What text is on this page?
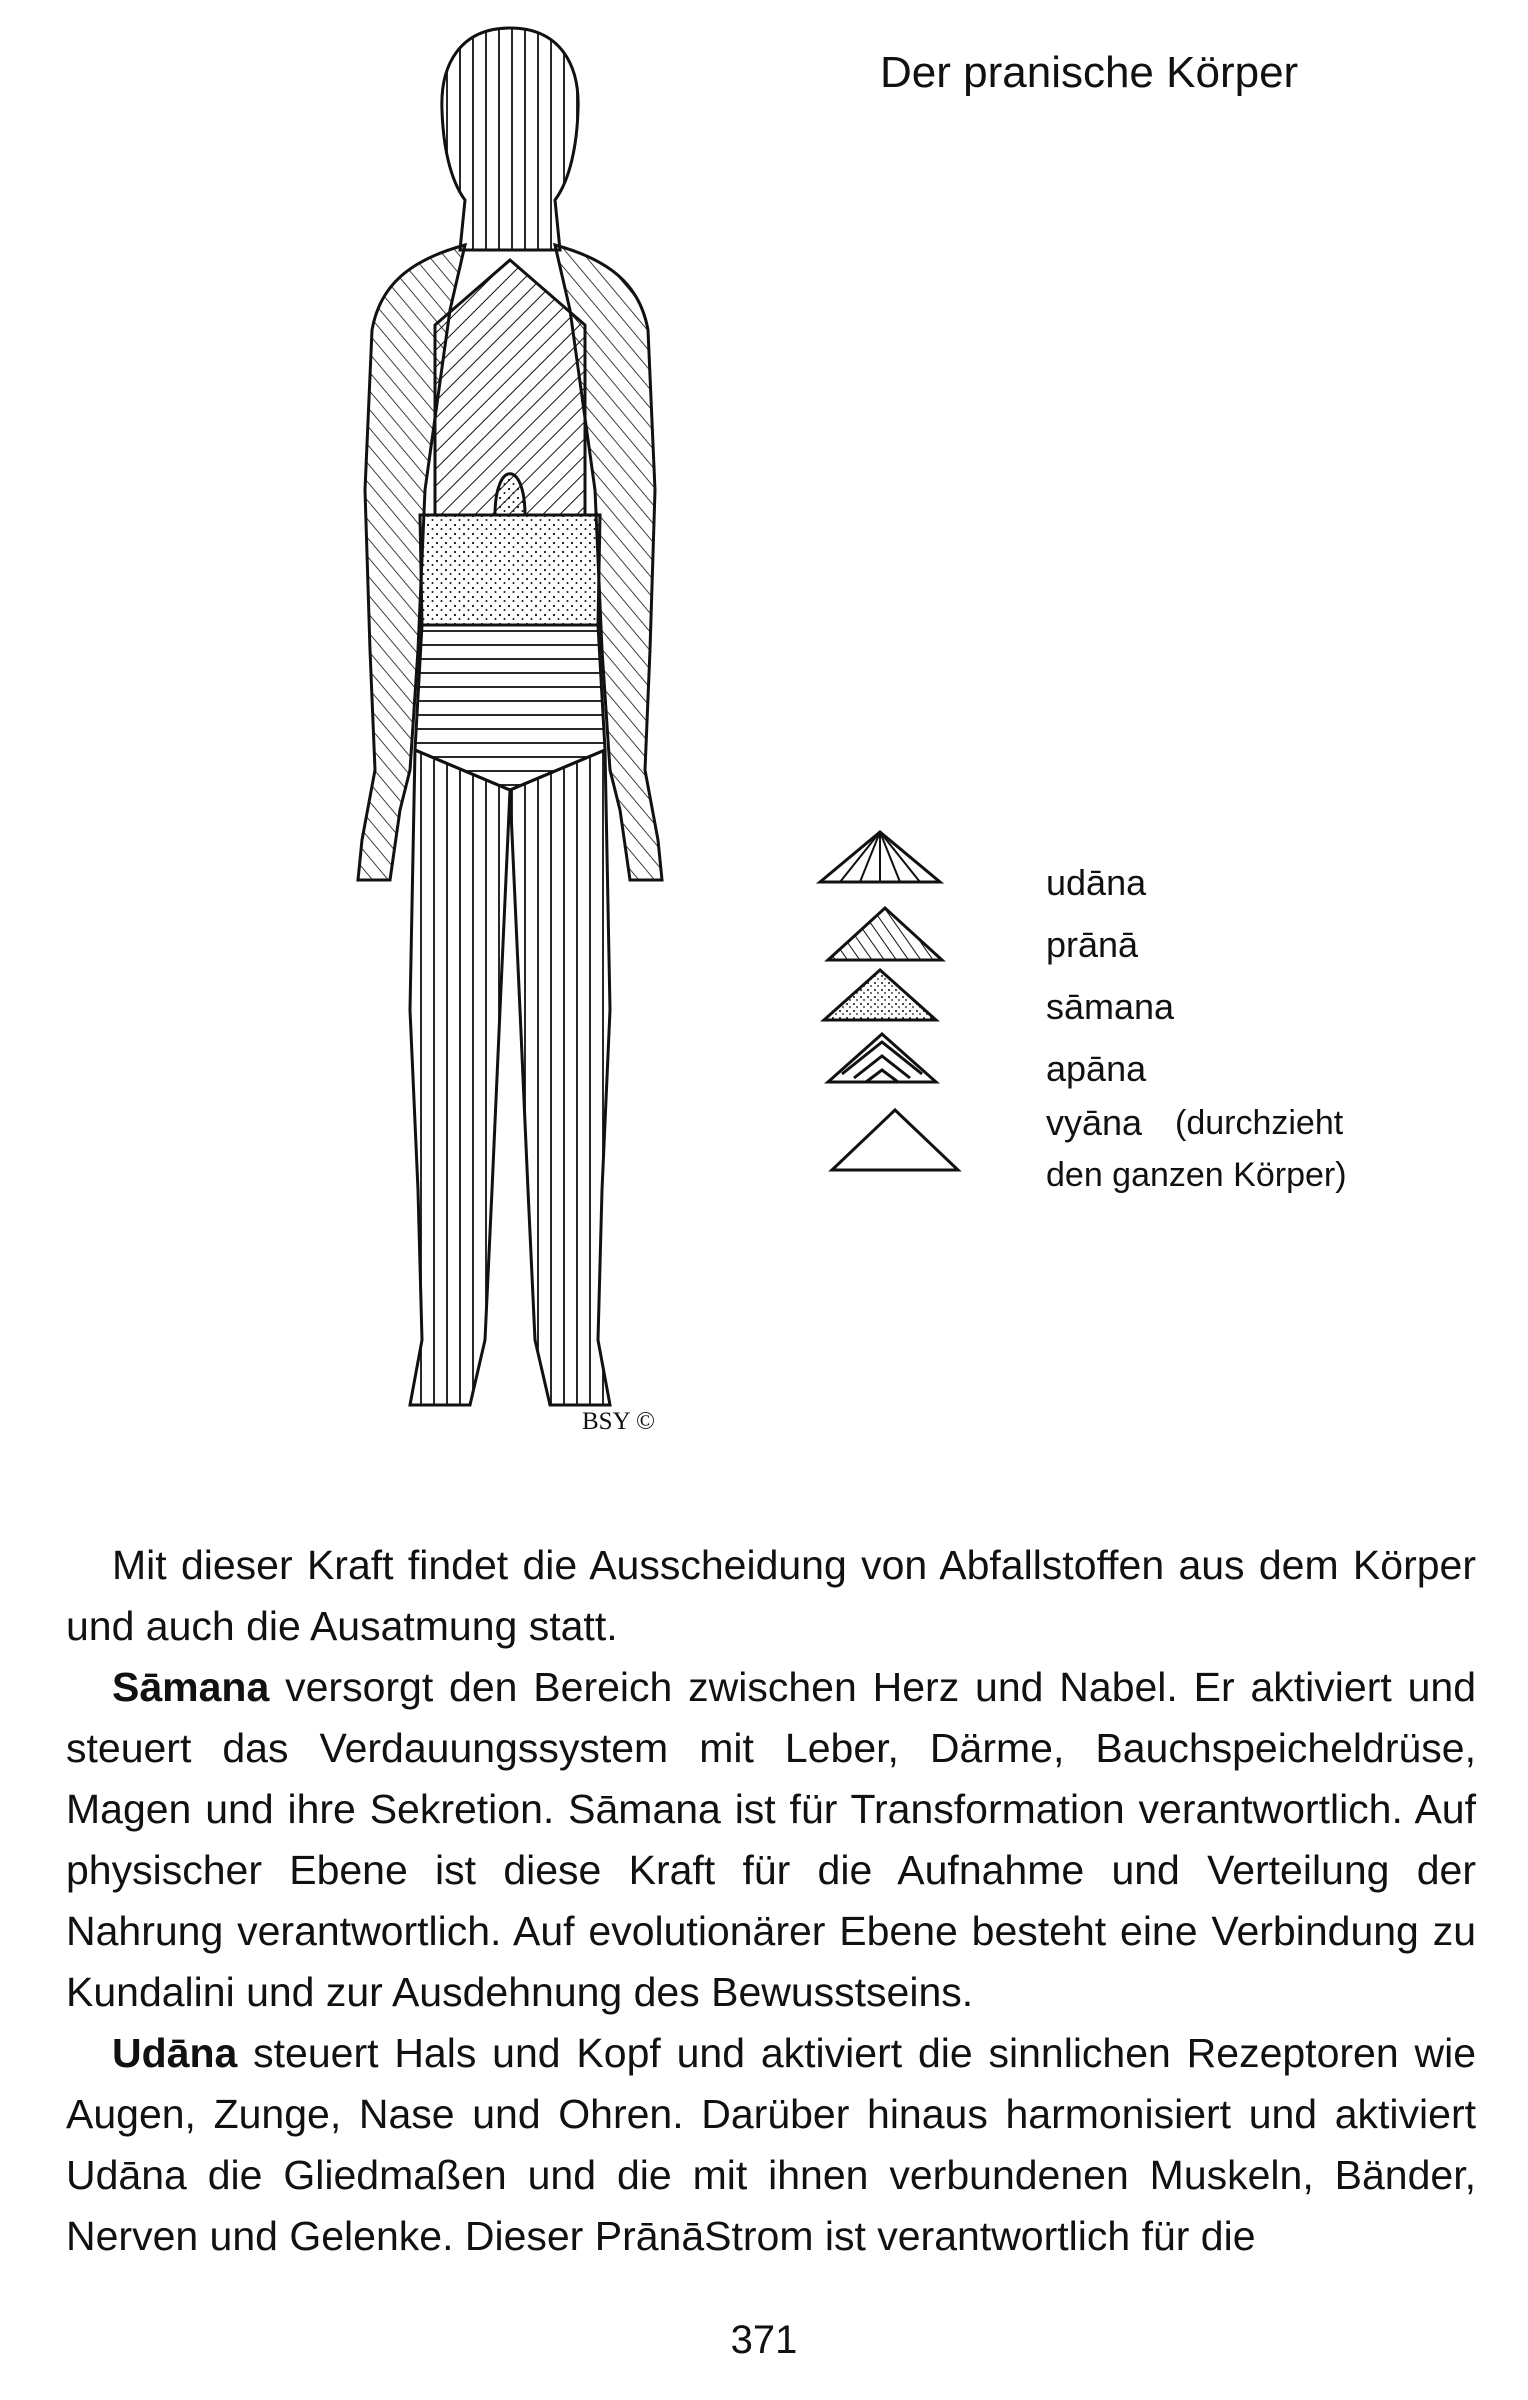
Der pranische Körper
BSY ©
udāna
prānā
sāmana
apāna
vyāna (durchzieht
den ganzen Körper)

Mit dieser Kraft findet die Ausscheidung von Abfallstoffen aus dem Körper und auch die Ausatmung statt.

Sāmana versorgt den Bereich zwischen Herz und Nabel. Er aktiviert und steuert das Verdauungssystem mit Leber, Därme, Bauchspeicheldrüse, Magen und ihre Sekretion. Sāmana ist für Transformation verantwortlich. Auf physischer Ebene ist diese Kraft für die Aufnahme und Verteilung der Nahrung verantwortlich. Auf evolutionärer Ebene besteht eine Verbindung zu Kundalini und zur Ausdehnung des Bewusstseins.

Udāna steuert Hals und Kopf und aktiviert die sinnlichen Rezeptoren wie Augen, Zunge, Nase und Ohren. Darüber hinaus harmonisiert und aktiviert Udāna die Gliedmaßen und die mit ihnen verbundenen Muskeln, Bänder, Nerven und Gelenke. Dieser PrānāStrom ist verantwortlich für die

371
